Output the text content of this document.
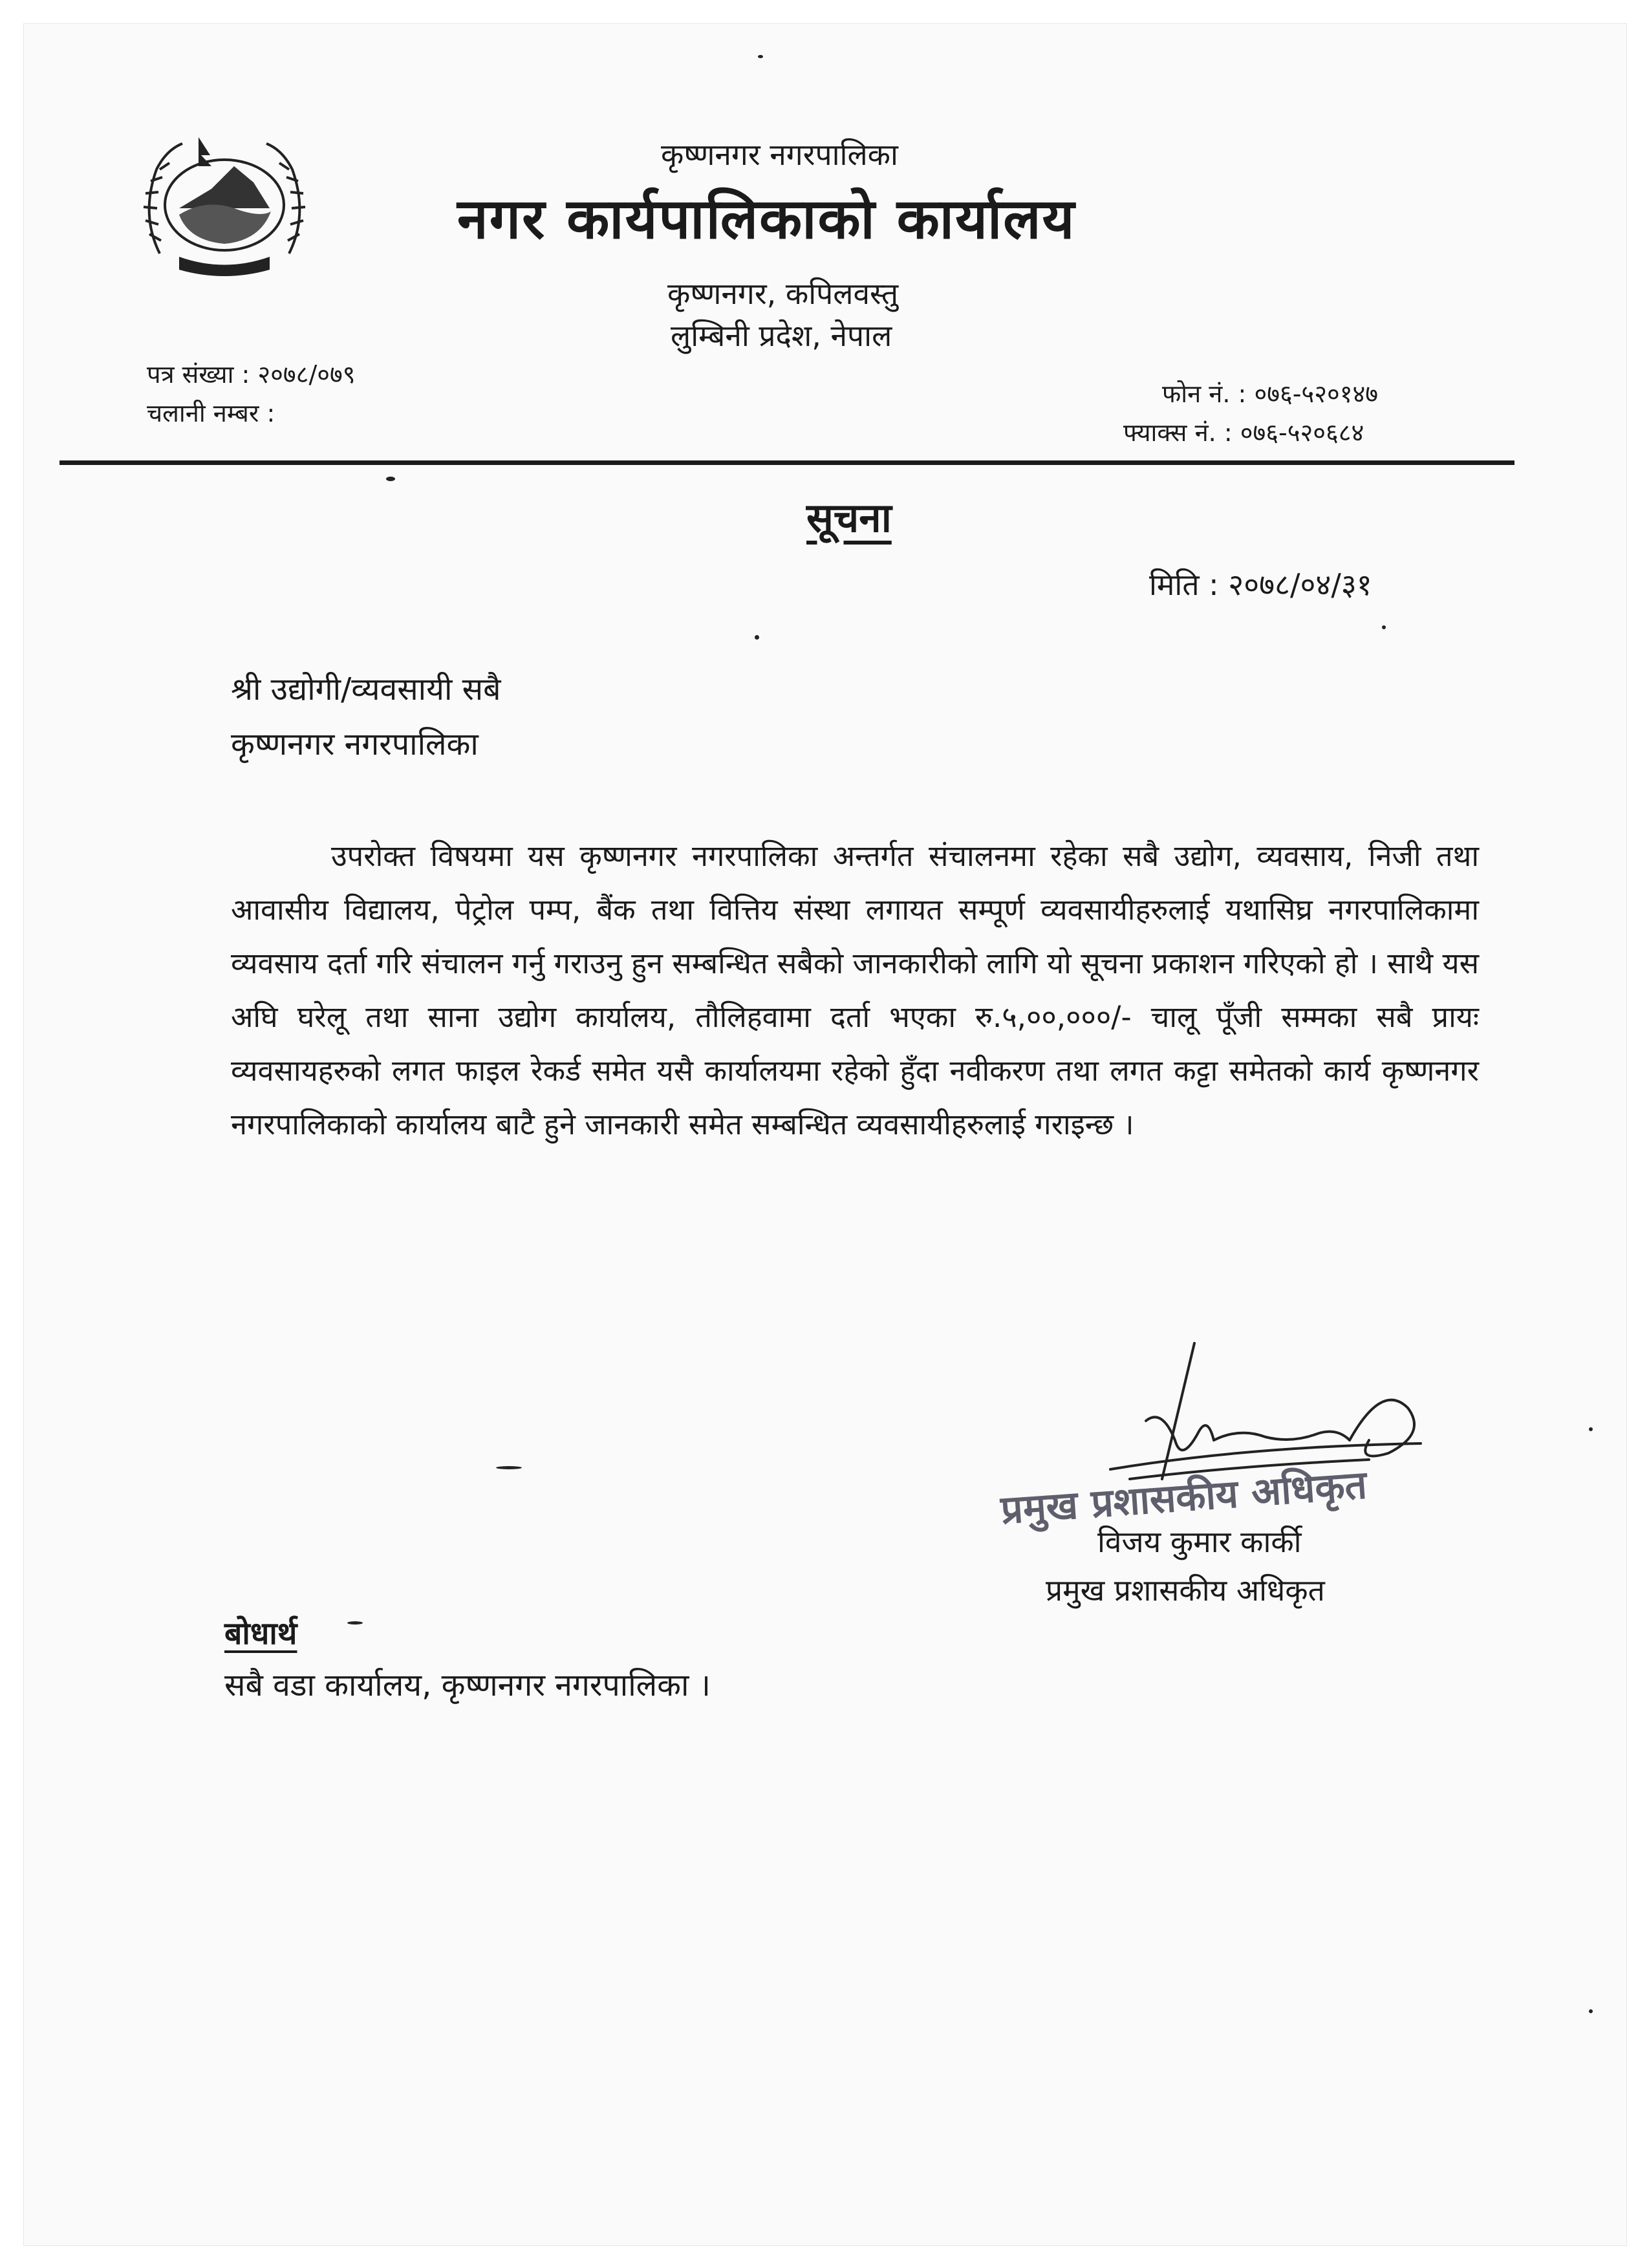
कृष्णनगर नगरपालिका
नगर कार्यपालिकाको कार्यालय
कृष्णनगर, कपिलवस्तु
लुम्बिनी प्रदेश, नेपाल
पत्र संख्या : २०७८/०७९
चलानी नम्बर :
फोन नं. : ०७६-५२०१४७
फ्याक्स नं. : ०७६-५२०६८४
सूचना
मिति : २०७८/०४/३१
श्री उद्योगी/व्यवसायी सबै
कृष्णनगर नगरपालिका
उपरोक्त विषयमा यस कृष्णनगर नगरपालिका अन्तर्गत संचालनमा रहेका सबै उद्योग, व्यवसाय, निजी तथा आवासीय विद्यालय, पेट्रोल पम्प, बैंक तथा वित्तिय संस्था लगायत सम्पूर्ण व्यवसायीहरुलाई यथासिघ्र नगरपालिकामा व्यवसाय दर्ता गरि संचालन गर्नु गराउनु हुन सम्बन्धित सबैको जानकारीको लागि यो सूचना प्रकाशन गरिएको हो । साथै यस अघि घरेलू तथा साना उद्योग कार्यालय, तौलिहवामा दर्ता भएका रु.५,००,०००/- चालू पूँजी सम्मका सबै प्रायः व्यवसायहरुको लगत फाइल रेकर्ड समेत यसै कार्यालयमा रहेको हुँदा नवीकरण तथा लगत कट्टा समेतको कार्य कृष्णनगर नगरपालिकाको कार्यालय बाटै हुने जानकारी समेत सम्बन्धित व्यवसायीहरुलाई गराइन्छ ।
प्रमुख प्रशासकीय अधिकृत
विजय कुमार कार्की
प्रमुख प्रशासकीय अधिकृत
बोधार्थ
सबै वडा कार्यालय, कृष्णनगर नगरपालिका ।
